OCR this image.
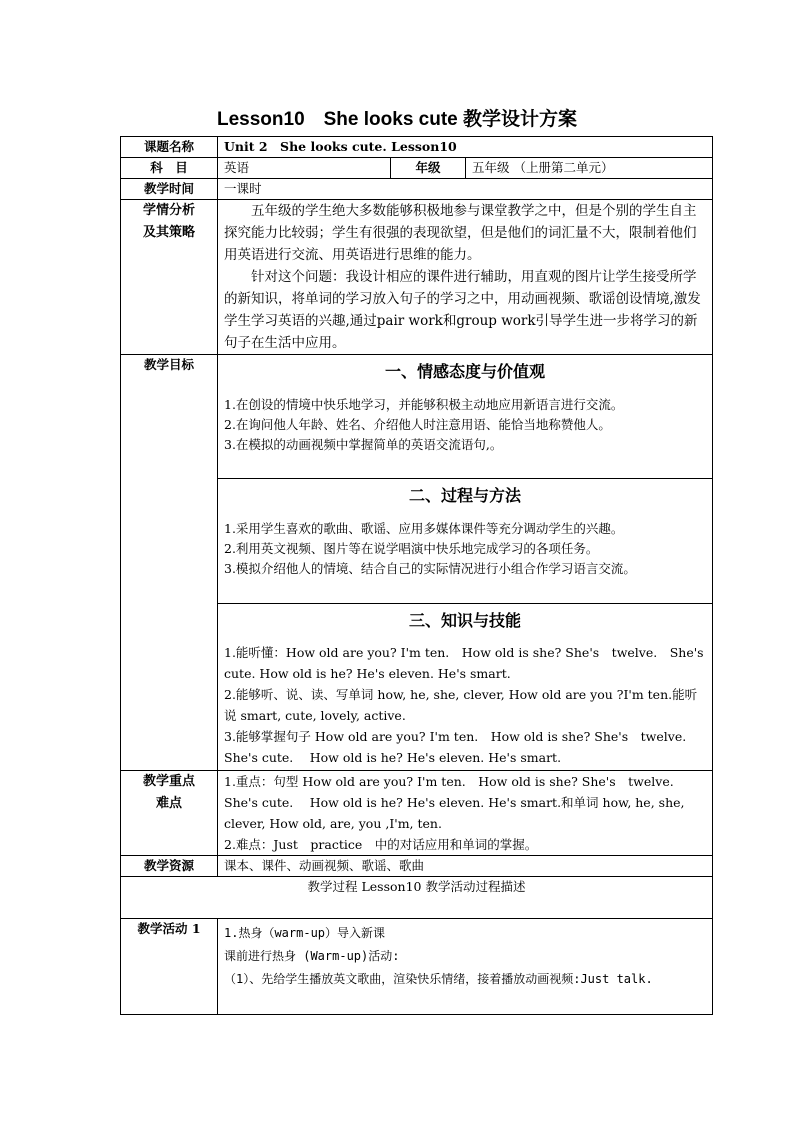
Lesson10　She looks cute 教学设计方案
课题名称	Unit 2　She looks cute. Lesson10		
科　目	英语	年级	五年级 （上册第二单元）
教学时间	一课时		

学情分析及其策略	五年级的学生绝大多数能够积极地参与课堂教学之中，但是个别的学生自主探究能力比较弱；学生有很强的表现欲望，但是他们的词汇量不大，限制着他们用英语进行交流、用英语进行思维的能力。
针对这个问题：我设计相应的课件进行辅助，用直观的图片让学生接受所学的新知识，将单词的学习放入句子的学习之中，用动画视频、歌谣创设情境,激发学生学习英语的兴趣,通过pair work和group work引导学生进一步将学习的新句子在生活中应用。		

教学目标	一、情感态度与价值观
1.在创设的情境中快乐地学习，并能够积极主动地应用新语言进行交流。
2.在询问他人年龄、姓名、介绍他人时注意用语、能恰当地称赞他人。
3.在模拟的动画视频中掌握简单的英语交流语句,。		

	二、过程与方法
1.采用学生喜欢的歌曲、歌谣、应用多媒体课件等充分调动学生的兴趣。
2.利用英文视频、图片等在说学唱演中快乐地完成学习的各项任务。
3.模拟介绍他人的情境、结合自己的实际情况进行小组合作学习语言交流。		

	三、知识与技能
1.能听懂：How old are you? I'm ten.　How old is she? She's　twelve.　She's cute. How old is he? He's eleven. He's smart.
2.能够听、说、读、写单词 how, he, she, clever, How old are you ?I'm ten.能听说 smart, cute, lovely, active.
3.能够掌握句子 How old are you? I'm ten.　How old is she? She's　twelve.　She's cute.　 How old is he? He's eleven. He's smart.		

教学重点难点	1.重点：句型 How old are you? I'm ten.　How old is she? She's　twelve.　She's cute.　 How old is he? He's eleven. He's smart.和单词 how, he, she, clever, How old, are, you ,I'm, ten.
2.难点：Just　practice　中的对话应用和单词的掌握。		

教学资源	课本、课件、动画视频、歌谣、歌曲		
教学过程 Lesson10 教学活动过程描述			
教学活动 1	1.热身（warm-up）导入新课
课前进行热身 (Warm-up)活动:
（1）、先给学生播放英文歌曲，渲染快乐情绪，接着播放动画视频:Just talk.		
